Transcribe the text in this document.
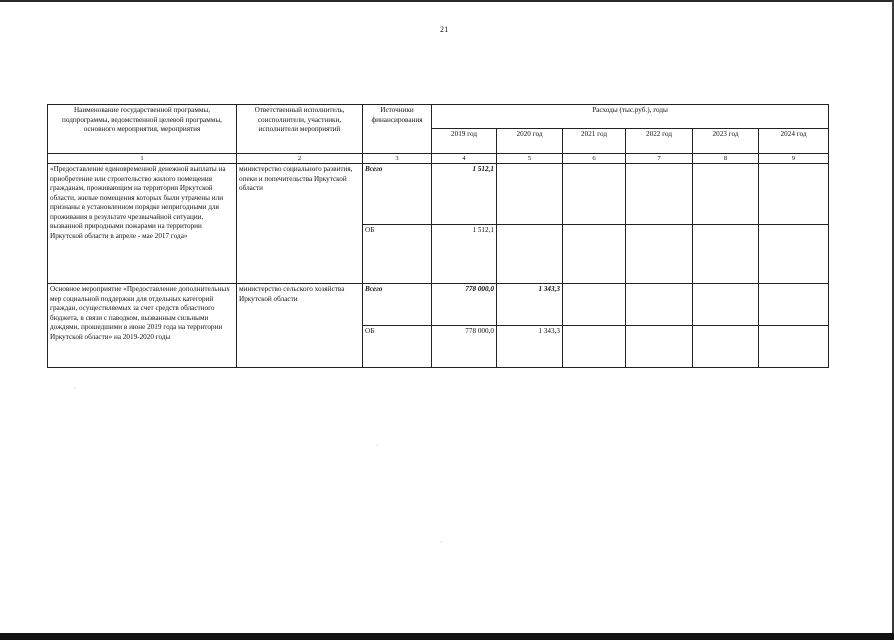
21
Наименование государственной программы, подпрограммы, ведомственной целевой программы, основного мероприятия, мероприятия	Ответственный исполнитель, соисполнители, участники, исполнители мероприятий	Источники финансирования	Расходы (тыс.руб.), годы					
			2019 год	2020 год	2021 год	2022 год	2023 год	2024 год
1	2	3	4	5	6	7	8	9
«Предоставление единовременной денежной выплаты на приобретение или строительство жилого помещения гражданам, проживающим на территории Иркутской области, жилые помещения которых были утрачены или признаны в установленном порядке непригодными для проживания в результате чрезвычайной ситуации, вызванной природными пожарами на территории Иркутской области в апреле - мае 2017 года»	министерство социального развития, опеки и попечительства Иркутской области	Всего	1 512,1					

		ОБ	1 512,1					
Основное мероприятие «Предоставление дополнительных мер социальной поддержки для отдельных категорий граждан, осуществляемых за счет средств областного бюджета, в связи с паводком, вызванным сильными дождями, прошедшими в июне 2019 года на территории Иркутской области» на 2019-2020 годы	министерство сельского хозяйства Иркутской области	Всего	778 000,0	1 343,3				

		ОБ	778 000,0	1 343,3				
·
·
·
